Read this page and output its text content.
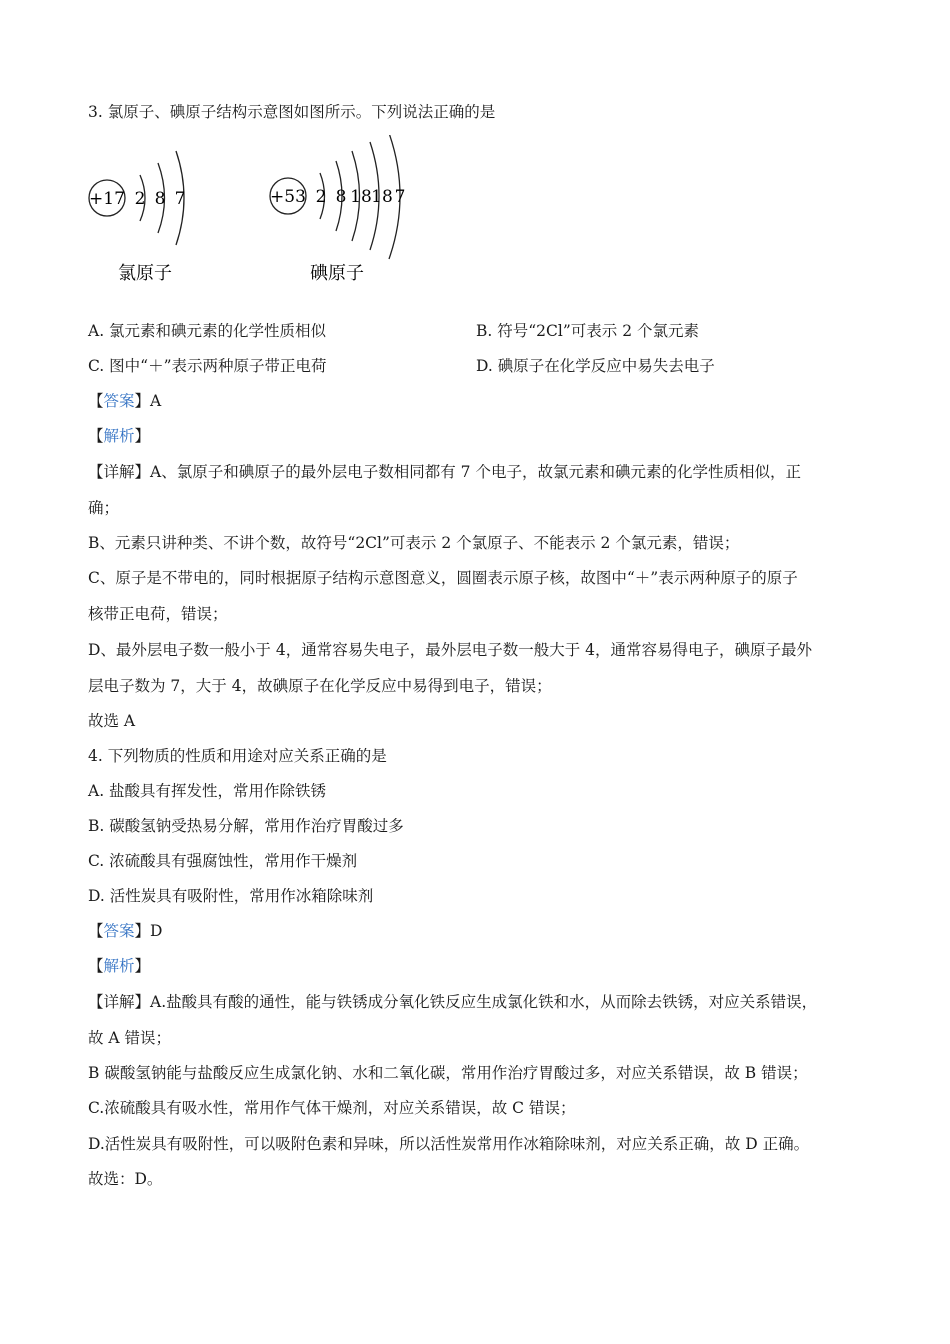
3. 氯原子、碘原子结构示意图如图所示。下列说法正确的是
+17 2 8 7
氯原子
+53 2 8 18 18 7
碘原子
A. 氯元素和碘元素的化学性质相似	B. 符号“2Cl”可表示 2 个氯元素
C. 图中“＋”表示两种原子带正电荷	D. 碘原子在化学反应中易失去电子
【答案】A
【解析】
【详解】A、氯原子和碘原子的最外层电子数相同都有 7 个电子，故氯元素和碘元素的化学性质相似，正
确；
B、元素只讲种类、不讲个数，故符号“2Cl”可表示 2 个氯原子、不能表示 2 个氯元素，错误；
C、原子是不带电的，同时根据原子结构示意图意义，圆圈表示原子核，故图中“＋”表示两种原子的原子
核带正电荷，错误；
D、最外层电子数一般小于 4，通常容易失电子，最外层电子数一般大于 4，通常容易得电子，碘原子最外
层电子数为 7，大于 4，故碘原子在化学反应中易得到电子，错误；
故选 A
4. 下列物质的性质和用途对应关系正确的是
A. 盐酸具有挥发性，常用作除铁锈
B. 碳酸氢钠受热易分解，常用作治疗胃酸过多
C. 浓硫酸具有强腐蚀性，常用作干燥剂
D. 活性炭具有吸附性，常用作冰箱除味剂
【答案】D
【解析】
【详解】A.盐酸具有酸的通性，能与铁锈成分氧化铁反应生成氯化铁和水，从而除去铁锈，对应关系错误，
故 A 错误；
B 碳酸氢钠能与盐酸反应生成氯化钠、水和二氧化碳，常用作治疗胃酸过多，对应关系错误，故 B 错误；
C.浓硫酸具有吸水性，常用作气体干燥剂，对应关系错误，故 C 错误；
D.活性炭具有吸附性，可以吸附色素和异味，所以活性炭常用作冰箱除味剂，对应关系正确，故 D 正确。
故选：D。
